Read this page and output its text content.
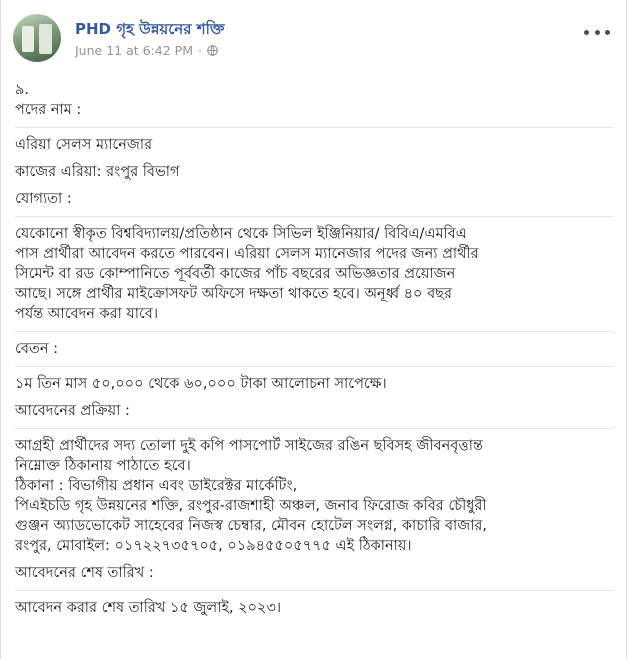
PHD গৃহ উন্নয়নের শক্তি
June 11 at 6:42 PM ·
৯.
পদের নাম :
এরিয়া সেলস ম্যানেজার
কাজের এরিয়া: রংপুর বিভাগ
যোগ্যতা :
যেকোনো স্বীকৃত বিশ্ববিদ্যালয়/প্রতিষ্ঠান থেকে সিভিল ইঞ্জিনিয়ার/ বিবিএ/এমবিএ
পাস প্রার্থীরা আবেদন করতে পারবেন। এরিয়া সেলস ম্যানেজার পদের জন্য প্রার্থীর
সিমেন্ট বা রড কোম্পানিতে পূর্ববর্তী কাজের পাঁচ বছরের অভিজ্ঞতার প্রয়োজন
আছে। সঙ্গে প্রার্থীর মাইক্রোসফট অফিসে দক্ষতা থাকতে হবে। অনূর্ধ্ব ৪০ বছর
পর্যন্ত আবেদন করা যাবে।
বেতন :
১ম তিন মাস ৫০,০০০ থেকে ৬০,০০০ টাকা আলোচনা সাপেক্ষে।
আবেদনের প্রক্রিয়া :
আগ্রহী প্রার্থীদের সদ্য তোলা দুই কপি পাসপোর্ট সাইজের রঙিন ছবিসহ জীবনবৃত্তান্ত
নিম্নোক্ত ঠিকানায় পাঠাতে হবে।
ঠিকানা : বিভাগীয় প্রধান এবং ডাইরেক্টর মার্কেটিং,
পিএইচডি গৃহ উন্নয়নের শক্তি, রংপুর-রাজশাহী অঞ্চল, জনাব ফিরোজ কবির চৌধুরী
গুঞ্জন অ্যাডভোকেট সাহেবের নিজস্ব চেম্বার, মৌবন হোটেল সংলগ্ন, কাচারি বাজার,
রংপুর, মোবাইল: ০১৭২২৭৩৫৭০৫, ০১৯৪৫৫০৫৭৭৫ এই ঠিকানায়।
আবেদনের শেষ তারিখ :
আবেদন করার শেষ তারিখ ১৫ জুলাই, ২০২৩।
